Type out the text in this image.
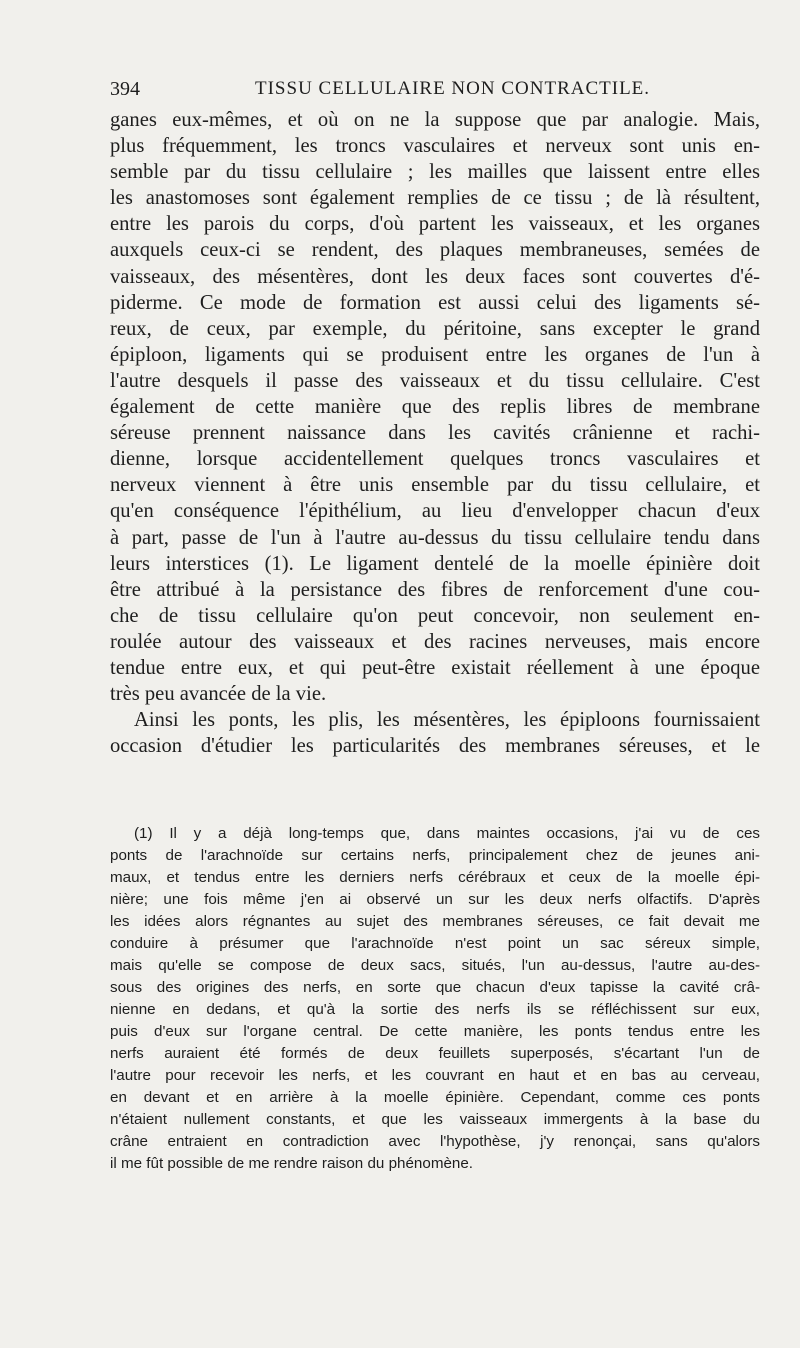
394	TISSU CELLULAIRE NON CONTRACTILE.
ganes eux-mêmes, et où on ne la suppose que par analogie. Mais,
plus fréquemment, les troncs vasculaires et nerveux sont unis en-
semble par du tissu cellulaire ; les mailles que laissent entre elles
les anastomoses sont également remplies de ce tissu ; de là résultent,
entre les parois du corps, d'où partent les vaisseaux, et les organes
auxquels ceux-ci se rendent, des plaques membraneuses, semées de
vaisseaux, des mésentères, dont les deux faces sont couvertes d'é-
piderme. Ce mode de formation est aussi celui des ligaments sé-
reux, de ceux, par exemple, du péritoine, sans excepter le grand
épiploon, ligaments qui se produisent entre les organes de l'un à
l'autre desquels il passe des vaisseaux et du tissu cellulaire. C'est
également de cette manière que des replis libres de membrane
séreuse prennent naissance dans les cavités crânienne et rachi-
dienne, lorsque accidentellement quelques troncs vasculaires et
nerveux viennent à être unis ensemble par du tissu cellulaire, et
qu'en conséquence l'épithélium, au lieu d'envelopper chacun d'eux
à part, passe de l'un à l'autre au-dessus du tissu cellulaire tendu dans
leurs interstices (1). Le ligament dentelé de la moelle épinière doit
être attribué à la persistance des fibres de renforcement d'une cou-
che de tissu cellulaire qu'on peut concevoir, non seulement en-
roulée autour des vaisseaux et des racines nerveuses, mais encore
tendue entre eux, et qui peut-être existait réellement à une époque
très peu avancée de la vie.
Ainsi les ponts, les plis, les mésentères, les épiploons fournissaient
occasion d'étudier les particularités des membranes séreuses, et le
(1) Il y a déjà long-temps que, dans maintes occasions, j'ai vu de ces
ponts de l'arachnoïde sur certains nerfs, principalement chez de jeunes ani-
maux, et tendus entre les derniers nerfs cérébraux et ceux de la moelle épi-
nière; une fois même j'en ai observé un sur les deux nerfs olfactifs. D'après
les idées alors régnantes au sujet des membranes séreuses, ce fait devait me
conduire à présumer que l'arachnoïde n'est point un sac séreux simple,
mais qu'elle se compose de deux sacs, situés, l'un au-dessus, l'autre au-des-
sous des origines des nerfs, en sorte que chacun d'eux tapisse la cavité crâ-
nienne en dedans, et qu'à la sortie des nerfs ils se réfléchissent sur eux,
puis d'eux sur l'organe central. De cette manière, les ponts tendus entre les
nerfs auraient été formés de deux feuillets superposés, s'écartant l'un de
l'autre pour recevoir les nerfs, et les couvrant en haut et en bas au cerveau,
en devant et en arrière à la moelle épinière. Cependant, comme ces ponts
n'étaient nullement constants, et que les vaisseaux immergents à la base du
crâne entraient en contradiction avec l'hypothèse, j'y renonçai, sans qu'alors
il me fût possible de me rendre raison du phénomène.
